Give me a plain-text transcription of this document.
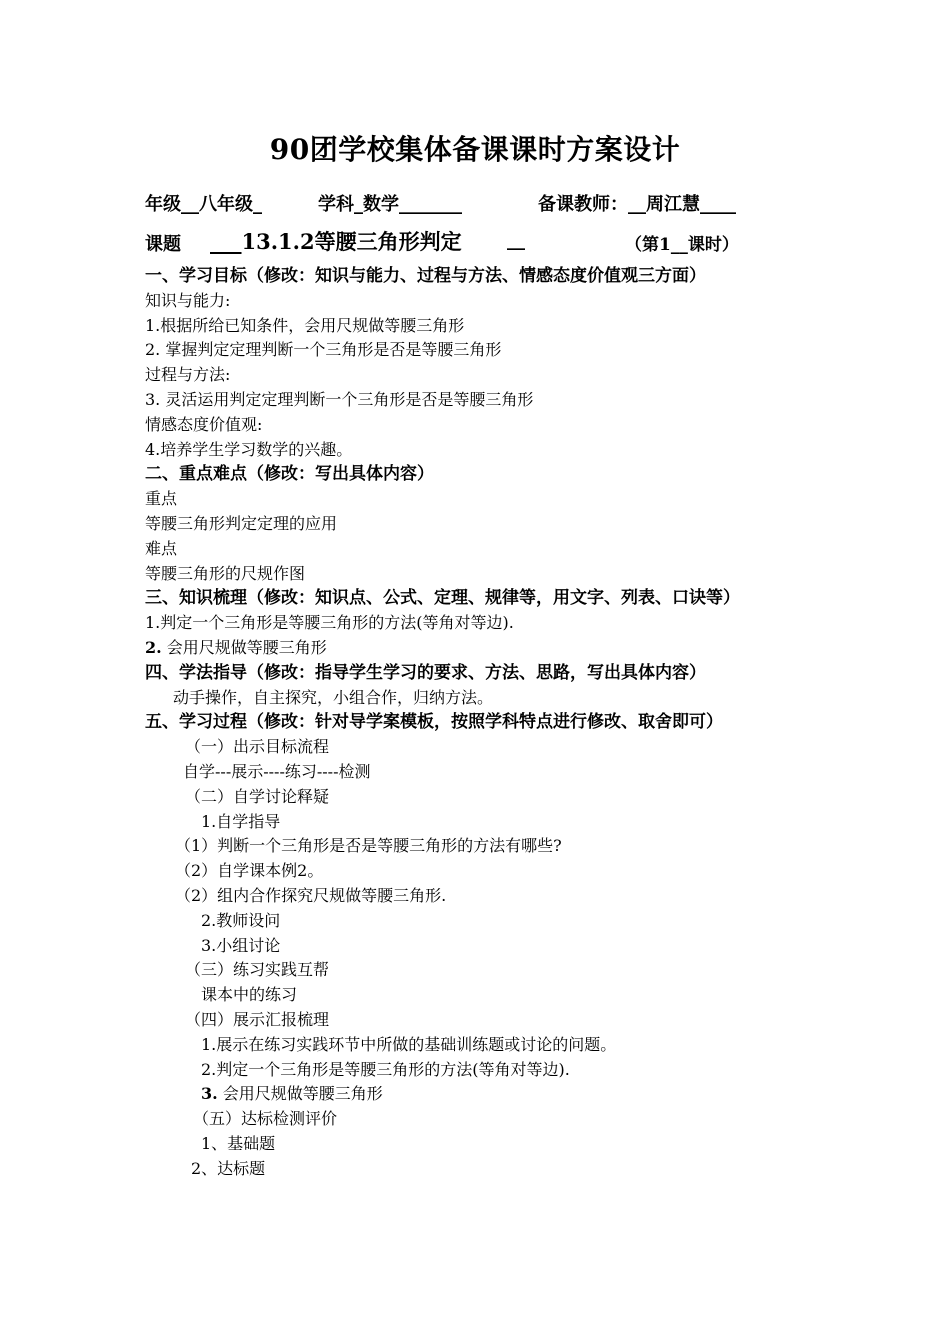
90团学校集体备课课时方案设计
年级__八年级_	学科_数学_______	备课教师：__周江慧____
课题 ___13.1.2等腰三角形判定	__	（第1__课时）
一、学习目标（修改：知识与能力、过程与方法、情感态度价值观三方面）
知识与能力:
1.根据所给已知条件，会用尺规做等腰三角形
2. 掌握判定定理判断一个三角形是否是等腰三角形
过程与方法:
3. 灵活运用判定定理判断一个三角形是否是等腰三角形
情感态度价值观:
4.培养学生学习数学的兴趣。
二、重点难点（修改：写出具体内容）
重点
等腰三角形判定定理的应用
难点
等腰三角形的尺规作图
三、知识梳理（修改：知识点、公式、定理、规律等，用文字、列表、口诀等）
1.判定一个三角形是等腰三角形的方法(等角对等边).
2. 会用尺规做等腰三角形
四、学法指导（修改：指导学生学习的要求、方法、思路，写出具体内容）
动手操作，自主探究，小组合作，归纳方法。
五、学习过程（修改：针对导学案模板，按照学科特点进行修改、取舍即可）
（一）出示目标流程
自学---展示----练习----检测
（二）自学讨论释疑
1.自学指导
（1）判断一个三角形是否是等腰三角形的方法有哪些?
（2）自学课本例2。
（2）组内合作探究尺规做等腰三角形.
2.教师设问
3.小组讨论
（三）练习实践互帮
课本中的练习
（四）展示汇报梳理
1.展示在练习实践环节中所做的基础训练题或讨论的问题。
2.判定一个三角形是等腰三角形的方法(等角对等边).
3. 会用尺规做等腰三角形
（五）达标检测评价
1、基础题
2、达标题
